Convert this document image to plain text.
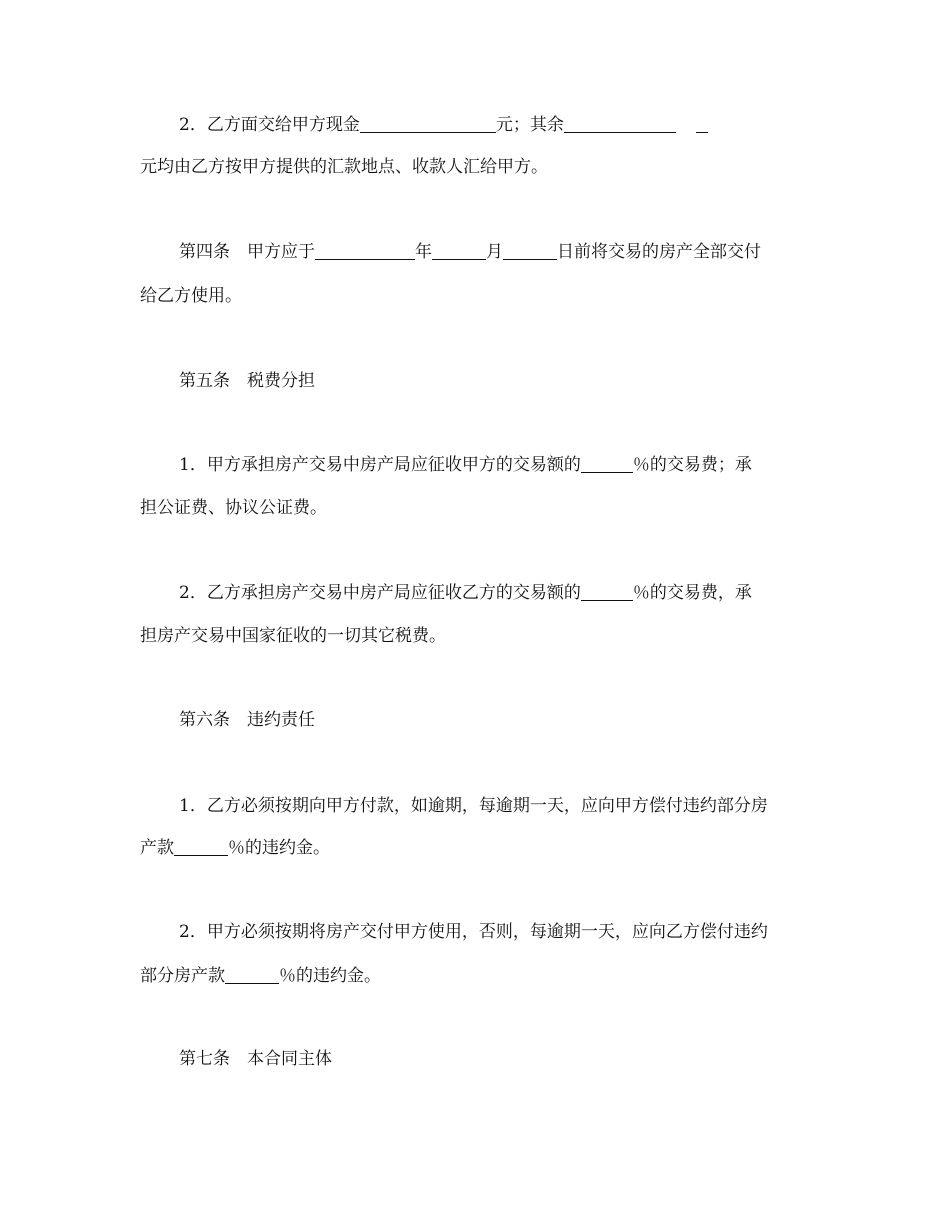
2．乙方面交给甲方现金	元；其余
元均由乙方按甲方提供的汇款地点、收款人汇给甲方。
第四条　甲方应于	年	月	日前将交易的房产全部交付
给乙方使用。
第五条　税费分担
1．甲方承担房产交易中房产局应征收甲方的交易额的	％的交易费；承
担公证费、协议公证费。
2．乙方承担房产交易中房产局应征收乙方的交易额的	％的交易费，承
担房产交易中国家征收的一切其它税费。
第六条　违约责任
1．乙方必须按期向甲方付款，如逾期，每逾期一天，应向甲方偿付违约部分房
产款	％的违约金。
2．甲方必须按期将房产交付甲方使用，否则，每逾期一天，应向乙方偿付违约
部分房产款	％的违约金。
第七条　本合同主体
